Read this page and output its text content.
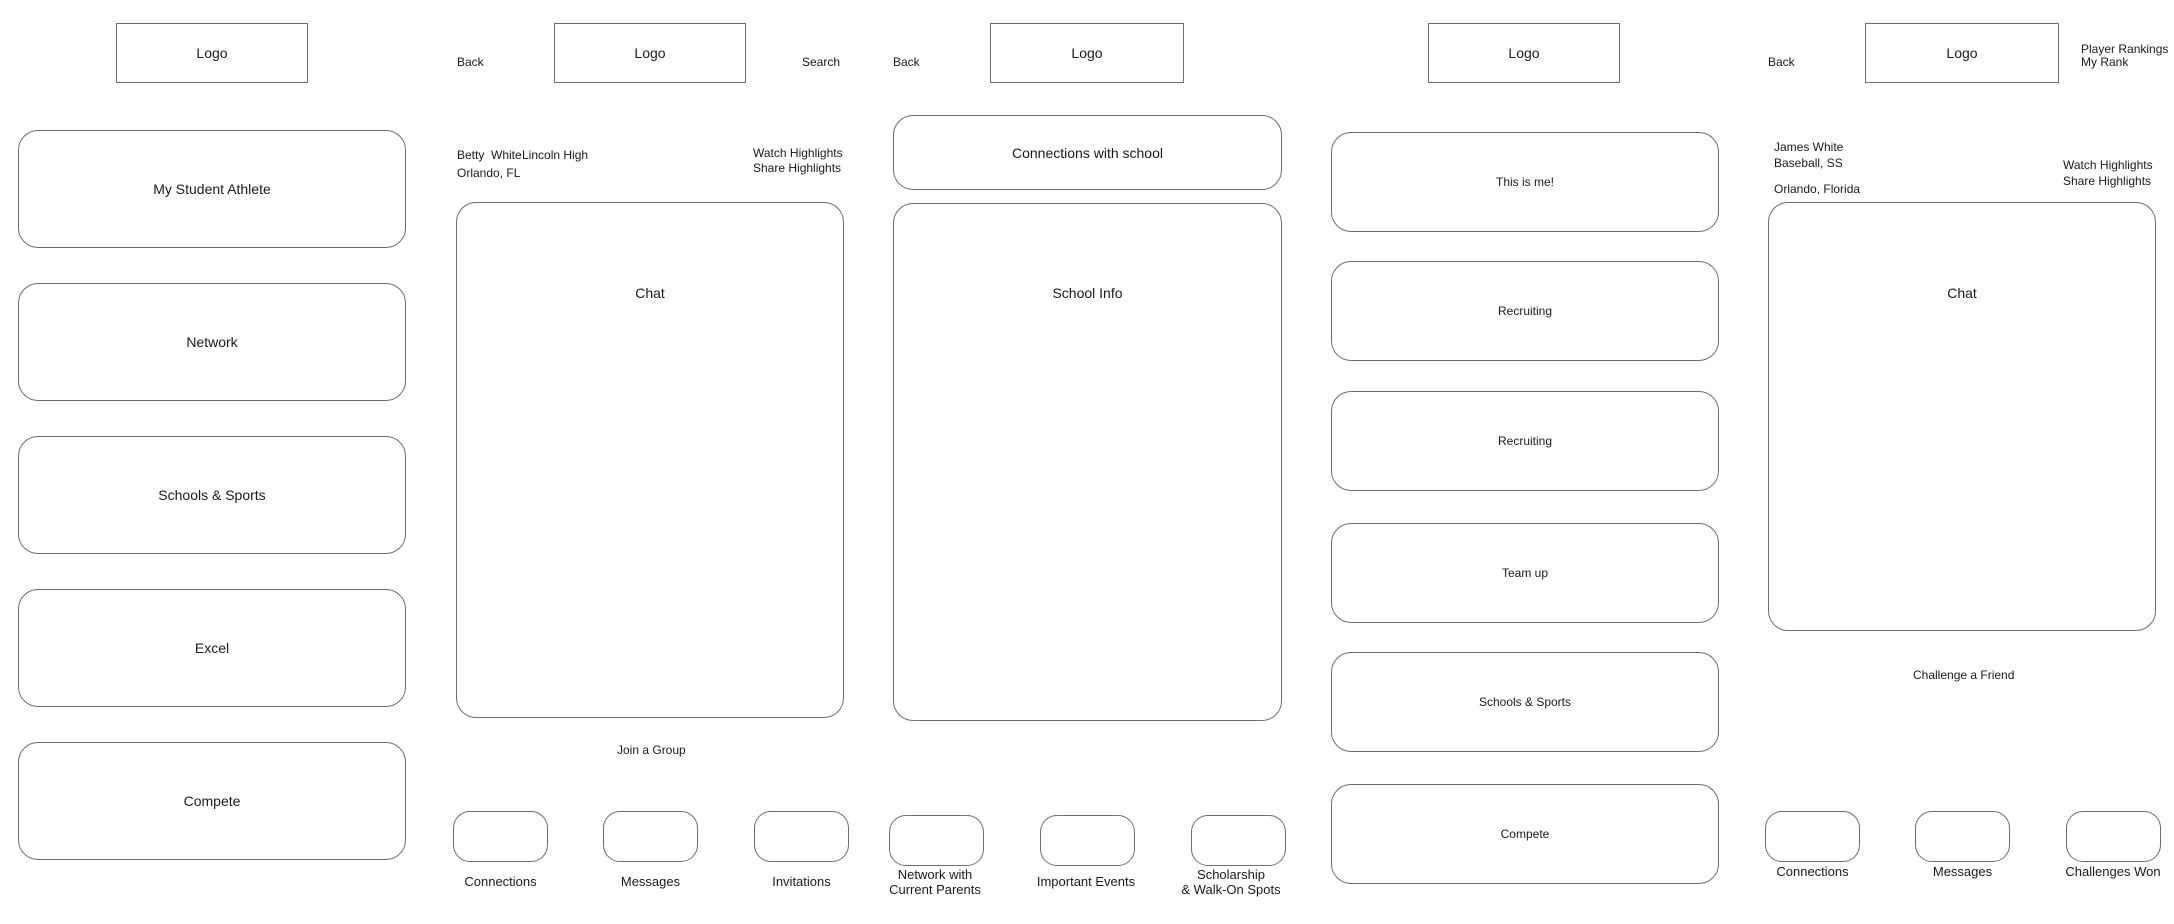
Logo
My Student Athlete
Network
Schools & Sports
Excel
Compete
Back
Logo
Search
Betty  White Lincoln High
Orlando, FL
Watch Highlights
Share Highlights
Chat
Join a Group
Connections	Messages	Invitations
Back
Logo
Connections with school
School Info
Network with
Current Parents
Important Events	Scholarship
& Walk-On Spots
Logo
This is me!
Recruiting
Recruiting
Team up
Schools & Sports
Compete
Back
Logo	Player Rankings
My Rank
James White
Baseball, SS
Orlando, Florida
Watch Highlights
Share Highlights
Chat
Challenge a Friend
Connections	Messages	Challenges Won
